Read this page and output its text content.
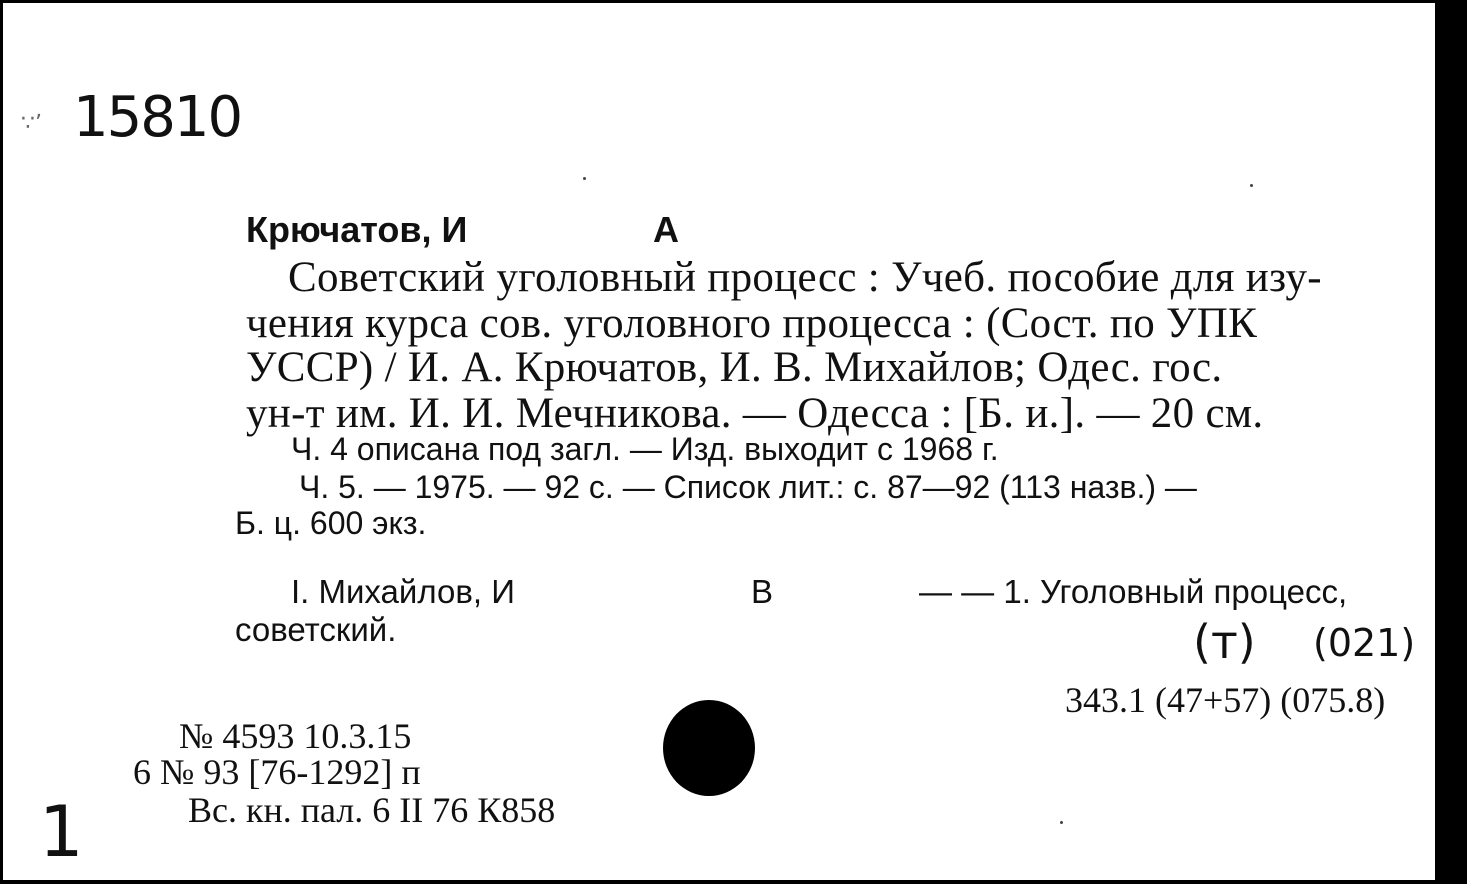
∵ʼ 15810
Крючатов, И	А
Советский уголовный процесс : Учеб. пособие для изу-
чения курса сов. уголовного процесса : (Сост. по УПК
УССР) / И. А. Крючатов, И. В. Михайлов; Одес. гос.
ун-т им. И. И. Мечникова. — Одесса : [Б. и.]. — 20 см.
Ч. 4 описана под загл. — Изд. выходит с 1968 г.
Ч. 5. — 1975. — 92 с. — Список лит.: с. 87—92 (113 назв.) —
Б. ц. 600 экз.
I. Михайлов, И	В	— — 1. Уголовный процесс,
советский.	(т) (021)
343.1 (47+57) (075.8)
№ 4593 10.3.15
6 № 93 [76-1292] п
Вс. кн. пал. 6 II 76 К858
1
